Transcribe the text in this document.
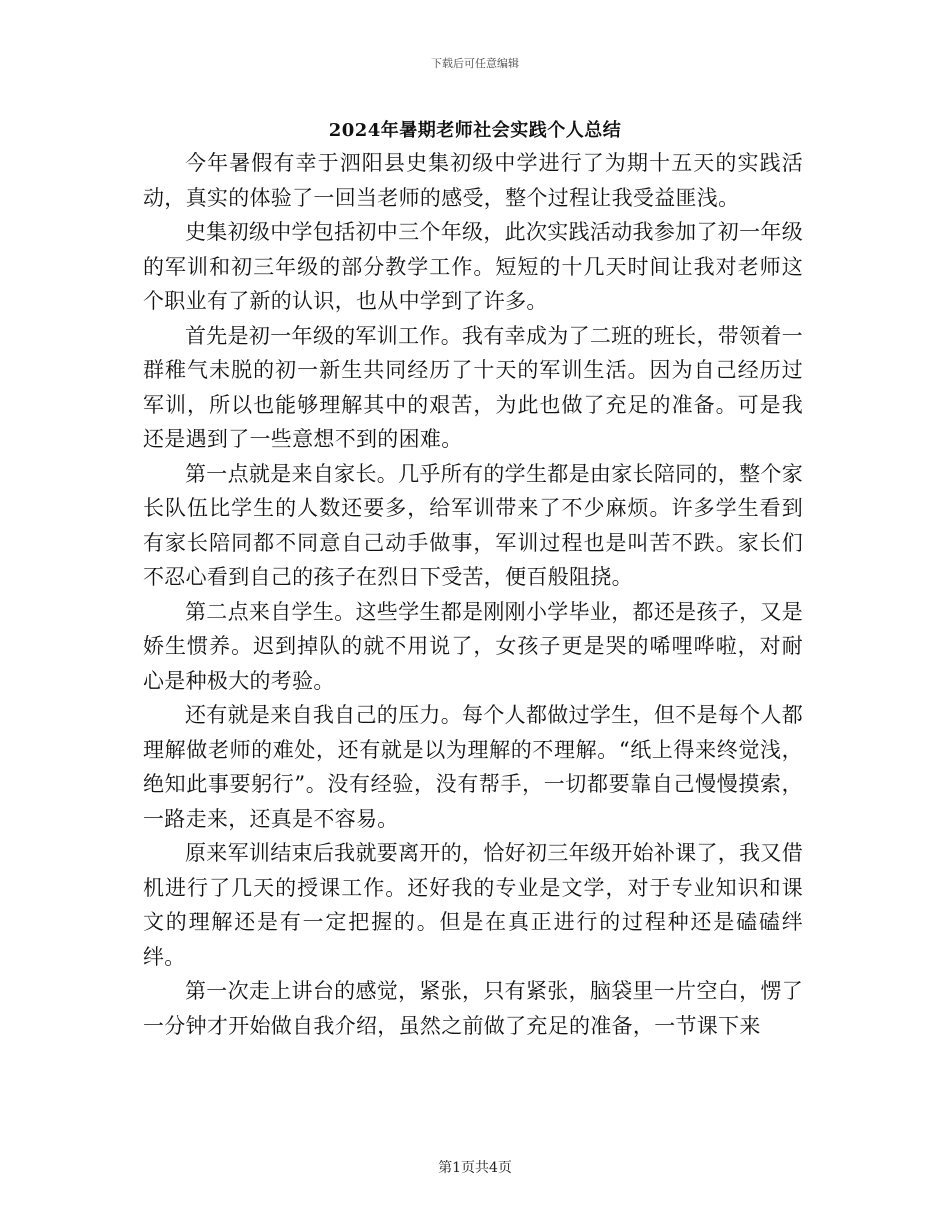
下载后可任意编辑
2024年暑期老师社会实践个人总结

今年暑假有幸于泗阳县史集初级中学进行了为期十五天的实践活动，真实的体验了一回当老师的感受，整个过程让我受益匪浅。

史集初级中学包括初中三个年级，此次实践活动我参加了初一年级的军训和初三年级的部分教学工作。短短的十几天时间让我对老师这个职业有了新的认识，也从中学到了许多。

首先是初一年级的军训工作。我有幸成为了二班的班长，带领着一群稚气未脱的初一新生共同经历了十天的军训生活。因为自己经历过军训，所以也能够理解其中的艰苦，为此也做了充足的准备。可是我还是遇到了一些意想不到的困难。

第一点就是来自家长。几乎所有的学生都是由家长陪同的，整个家长队伍比学生的人数还要多，给军训带来了不少麻烦。许多学生看到有家长陪同都不同意自己动手做事，军训过程也是叫苦不跌。家长们不忍心看到自己的孩子在烈日下受苦，便百般阻挠。

第二点来自学生。这些学生都是刚刚小学毕业，都还是孩子，又是娇生惯养。迟到掉队的就不用说了，女孩子更是哭的唏哩哗啦，对耐心是种极大的考验。

还有就是来自我自己的压力。每个人都做过学生，但不是每个人都理解做老师的难处，还有就是以为理解的不理解。“纸上得来终觉浅，绝知此事要躬行”。没有经验，没有帮手，一切都要靠自己慢慢摸索，一路走来，还真是不容易。

原来军训结束后我就要离开的，恰好初三年级开始补课了，我又借机进行了几天的授课工作。还好我的专业是文学，对于专业知识和课文的理解还是有一定把握的。但是在真正进行的过程种还是磕磕绊绊。

第一次走上讲台的感觉，紧张，只有紧张，脑袋里一片空白，愣了一分钟才开始做自我介绍，虽然之前做了充足的准备，一节课下来

第1页共4页
